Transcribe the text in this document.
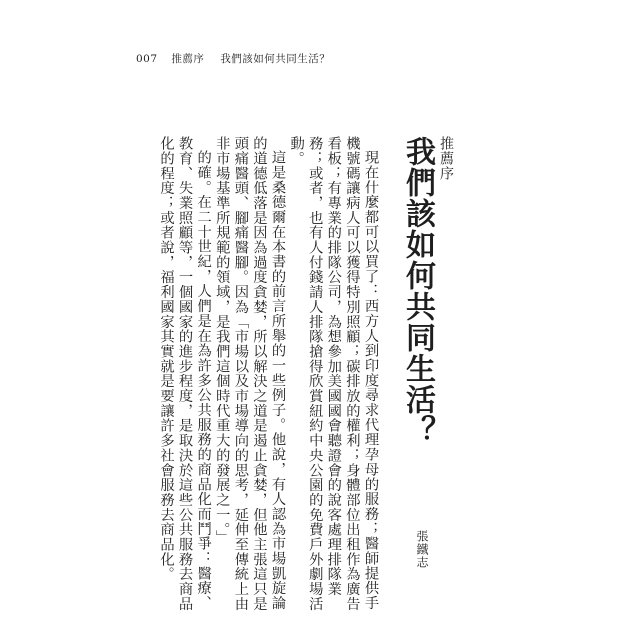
007 推薦序 我們該如何共同生活？
推薦序
我們該如何共同生活？
張鐵志

現在什麼都可以買了：西方人到印度尋求代理孕母的服務；醫師提供手機號碼讓病人可以獲得特別照顧；碳排放的權利；身體部位出租作為廣告看板；有專業的排隊公司，為想參加美國國會聽證會的說客處理排隊業務；或者，也有人付錢請人排隊搶得欣賞紐約中央公園的免費戶外劇場活動。

這是桑德爾在本書的前言所舉的一些例子。他說，有人認為市場凱旋論的道德低落是因為過度貪婪，所以解決之道是遏止貪婪，但他主張這只是頭痛醫頭、腳痛醫腳。因為「市場以及市場導向的思考，延伸至傳統上由非市場基準所規範的領域，是我們這個時代重大的發展之一。」

的確。在二十世紀，人們是在為許多公共服務的商品化而鬥爭：醫療、教育、失業照顧等，一個國家的進步程度，是取決於這些公共服務去商品化的程度；或者說，福利國家其實就是要讓許多社會服務去商品化。
